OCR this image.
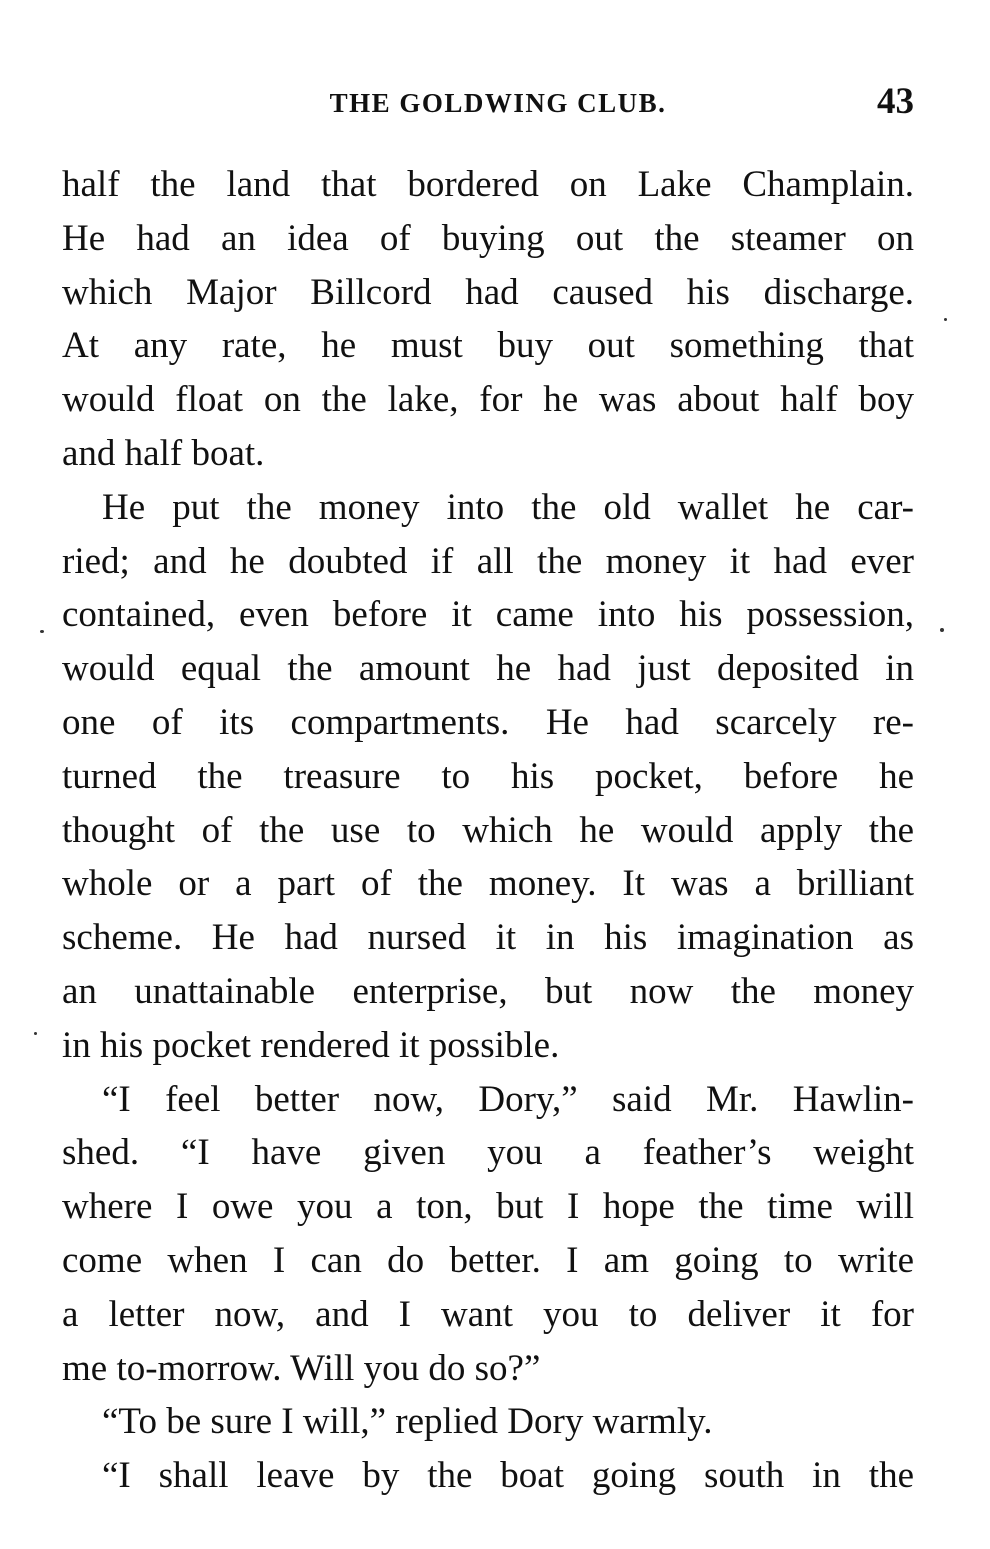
THE GOLDWING CLUB.	43

half the land that bordered on Lake Champlain.
He had an idea of buying out the steamer on
which Major Billcord had caused his discharge.
At any rate, he must buy out something that
would float on the lake, for he was about half boy
and half boat.

He put the money into the old wallet he car-
ried; and he doubted if all the money it had ever
contained, even before it came into his possession,
would equal the amount he had just deposited in
one of its compartments. He had scarcely re-
turned the treasure to his pocket, before he
thought of the use to which he would apply the
whole or a part of the money. It was a brilliant
scheme. He had nursed it in his imagination as
an unattainable enterprise, but now the money
in his pocket rendered it possible.

“I feel better now, Dory,” said Mr. Hawlin-
shed. “I have given you a feather’s weight
where I owe you a ton, but I hope the time will
come when I can do better. I am going to write
a letter now, and I want you to deliver it for
me to-morrow. Will you do so?”

“To be sure I will,” replied Dory warmly.

“I shall leave by the boat going south in the
